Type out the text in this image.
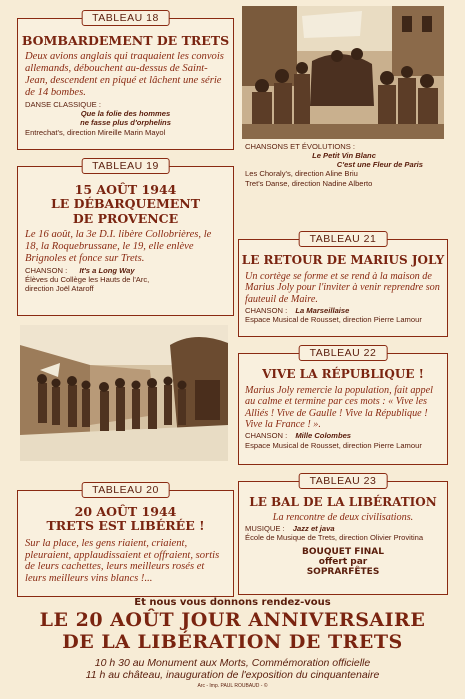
BOMBARDEMENT DE TRETS
Deux avions anglais qui traquaient les convois allemands, débouchent au-dessus de Saint-Jean, descendent en piqué et lâchent une série de 14 bombes.
DANSE CLASSIQUE :
Que la folie des hommes
ne fasse plus d'orphelins
Entrechat's, direction Mireille Marin Mayol
TABLEAU 18
15 AOÛT 1944
LE DÉBARQUEMENT
DE PROVENCE
Le 16 août, la 3e D.I. libère Collobrières, le 18, la Roquebrussane, le 19, elle enlève Brignoles et fonce sur Trets.
CHANSON : It's a Long Way
Élèves du Collège les Hauts de l'Arc,
direction Joël Ataroff
TABLEAU 19
20 AOÛT 1944
TRETS EST LIBÉRÉE !
Sur la place, les gens riaient, criaient, pleuraient, applaudissaient et offraient, sortis de leurs cachettes, leurs meilleurs rosés et leurs meilleurs vins blancs !...
TABLEAU 20
CHANSONS ET ÉVOLUTIONS :
Le Petit Vin Blanc
C'est une Fleur de Paris
Les Choraly's, direction Aline Briu
Tret's Danse, direction Nadine Alberto
LE RETOUR DE MARIUS JOLY
Un cortège se forme et se rend à la maison de Marius Joly pour l'inviter à venir reprendre son fauteuil de Maire.
CHANSON : La Marseillaise
Espace Musical de Rousset, direction Pierre Lamour
TABLEAU 21
VIVE LA RÉPUBLIQUE !
Marius Joly remercie la population, fait appel au calme et termine par ces mots : « Vive les Alliés ! Vive de Gaulle ! Vive la République ! Vive la France ! ».
CHANSON : Mille Colombes
Espace Musical de Rousset, direction Pierre Lamour
TABLEAU 22
LE BAL DE LA LIBÉRATION
La rencontre de deux civilisations.
MUSIQUE : Jazz et java
École de Musique de Trets, direction Olivier Provitina
BOUQUET FINAL
offert par
SOPRARFÊTES
TABLEAU 23
Et nous vous donnons rendez-vous
LE 20 AOÛT JOUR ANNIVERSAIRE
DE LA LIBÉRATION DE TRETS
10 h 30 au Monument aux Morts, Commémoration officielle
11 h au château, inauguration de l'exposition du cinquantenaire
Arc - Imp. PAUL ROUBAUD - ©
